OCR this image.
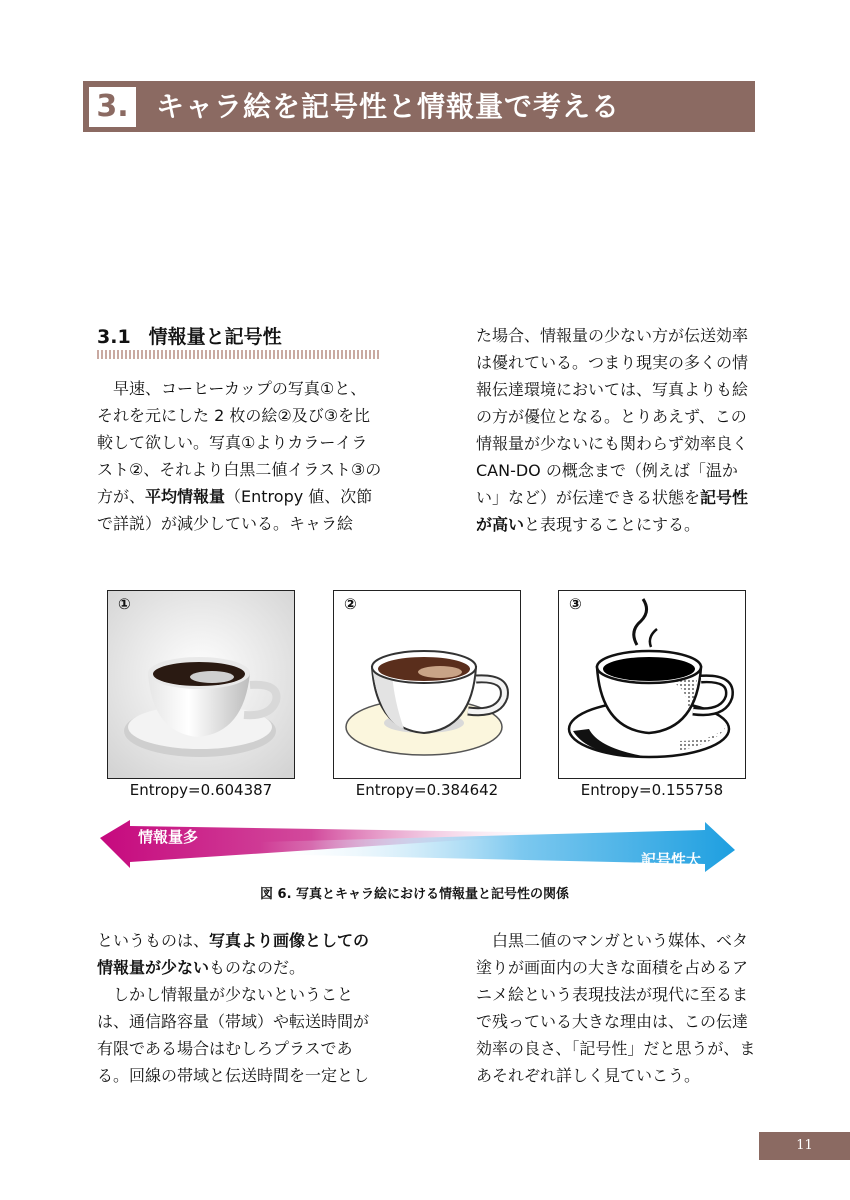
3. キャラ絵を記号性と情報量で考える
3.1 情報量と記号性

早速、コーヒーカップの写真①と、それを元にした 2 枚の絵②及び③を比較して欲しい。写真①よりカラーイラスト②、それより白黒二値イラスト③の方が、平均情報量（Entropy 値、次節で詳説）が減少している。キャラ絵

た場合、情報量の少ない方が伝送効率は優れている。つまり現実の多くの情報伝達環境においては、写真よりも絵の方が優位となる。とりあえず、この情報量が少ないにも関わらず効率良く CAN-DO の概念まで（例えば「温かい」など）が伝達できる状態を記号性が高いと表現することにする。

①	②	③
Entropy=0.604387	Entropy=0.384642	Entropy=0.155758
情報量多
記号性大
図 6. 写真とキャラ絵における情報量と記号性の関係
というものは、写真より画像としての情報量が少ないものなのだ。
しかし情報量が少ないということは、通信路容量（帯域）や転送時間が有限である場合はむしろプラスである。回線の帯域と伝送時間を一定とし

白黒二値のマンガという媒体、ベタ塗りが画面内の大きな面積を占めるアニメ絵という表現技法が現代に至るまで残っている大きな理由は、この伝達効率の良さ、「記号性」だと思うが、まあそれぞれ詳しく見ていこう。

11
